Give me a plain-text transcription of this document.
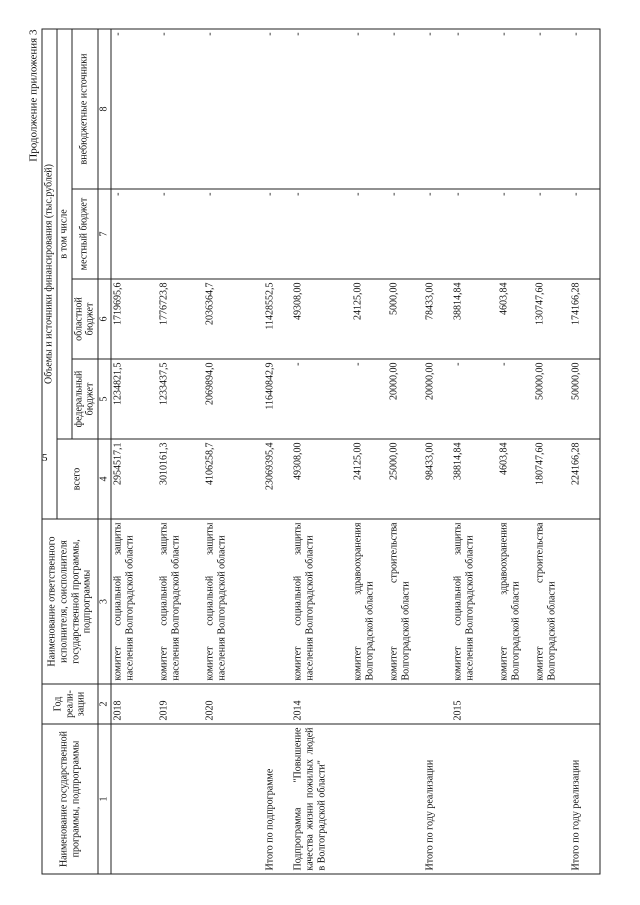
5
Продолжение приложения 3
Наименование государственной программы, подпрограммы	Год реали-зации	Наименование ответственного исполнителя, соисполнителя государственной программы, подпрограммы	Объемы и источники финансирования (тыс.рублей)				
			всего	в том числе			
				федеральный бюджет	областной бюджет	местный бюджет	внебюджетные источники
1	2	3	4	5	6	7	8
	2018	комитет социальной защиты населения Волгоградской области	2954517,1	1234821,5	1719695,6	-	-
	2019	комитет социальной защиты населения Волгоградской области	3010161,3	1233437,5	1776723,8	-	-
	2020	комитет социальной защиты населения Волгоградской области	4106258,7	2069894,0	2036364,7	-	-
Итого по подпрограмме			23069395,4	11640842,9	11428552,5	-	-
Подпрограмма "Повышение качества жизни пожилых людей в Волгоградской области"	2014	комитет социальной защиты населения Волгоградской области	49308,00	-	49308,00	-	-
		комитет здравоохранения Волгоградской области	24125,00	-	24125,00	-	-
		комитет строительства Волгоградской области	25000,00	20000,00	5000,00	-	-
Итого по году реализации			98433,00	20000,00	78433,00	-	-
	2015	комитет социальной защиты населения Волгоградской области	38814,84	-	38814,84	-	-
		комитет здравоохранения Волгоградской области	4603,84	-	4603,84	-	-
		комитет строительства Волгоградской области	180747,60	50000,00	130747,60	-	-
Итого по году реализации			224166,28	50000,00	174166,28	-	-
